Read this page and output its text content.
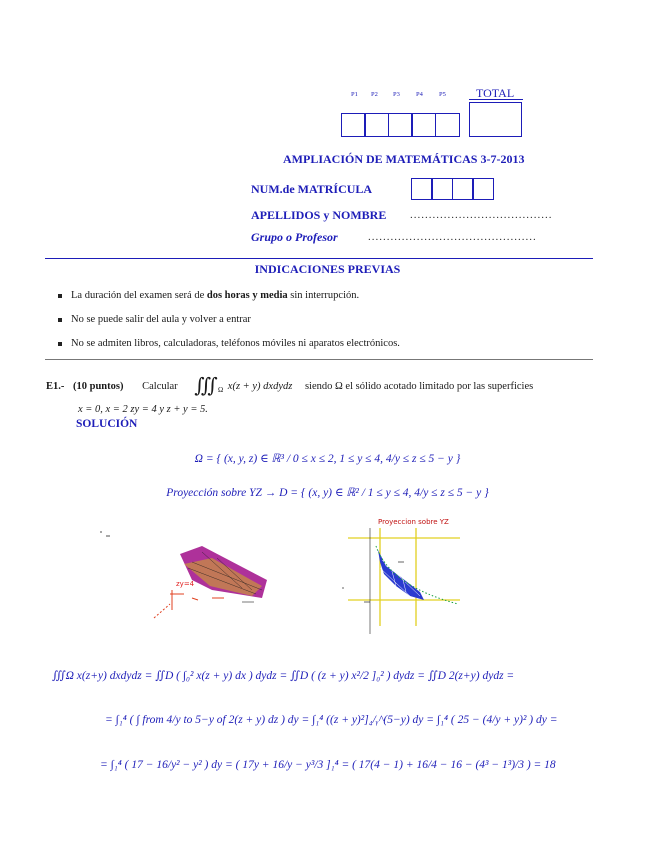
P1 P2 P3 P4 P5	TOTAL
AMPLIACIÓN DE MATEMÁTICAS 3-7-2013
NUM.de MATRÍCULA
APELLIDOS y NOMBRE ......................................
Grupo o Profesor	.............................................
INDICACIONES PREVIAS
La duración del examen será de dos horas y media sin interrupción.
No se puede salir del aula y volver a entrar
No se admiten libros, calculadoras, teléfonos móviles ni aparatos electrónicos.
E1.- (10 puntos) Calcular $∭_\Omega$ x(z + y) dxdydz siendo Ω el sólido acotado limitado por las superficies
x = 0, x = 2 zy = 4 y z + y = 5.
SOLUCIÓN
Ω = { (x, y, z) ∈ ℝ³ / 0 ≤ x ≤ 2, 1 ≤ y ≤ 4, 4/y ≤ z ≤ 5 − y }
Proyección sobre YZ → D = { (x, y) ∈ ℝ² / 1 ≤ y ≤ 4, 4/y ≤ z ≤ 5 − y }
z+y=5
zy=4
Proyeccion sobre YZ
∭Ω x(z+y) dxdydz = ∬D ( ∫₀² x(z + y) dx ) dydz = ∬D ( (z + y) x²/2 ]₀² ) dydz = ∬D 2(z+y) dydz =
= ∫₁⁴ ( ∫ from 4/y to 5−y of 2(z + y) dz ) dy = ∫₁⁴ ((z + y)²]₄/ᵧ^(5−y) dy = ∫₁⁴ ( 25 − (4/y + y)² ) dy =
= ∫₁⁴ ( 17 − 16/y² − y² ) dy = ( 17y + 16/y − y³/3 ]₁⁴ = ( 17(4 − 1) + 16/4 − 16 − (4³ − 1³)/3 ) = 18
